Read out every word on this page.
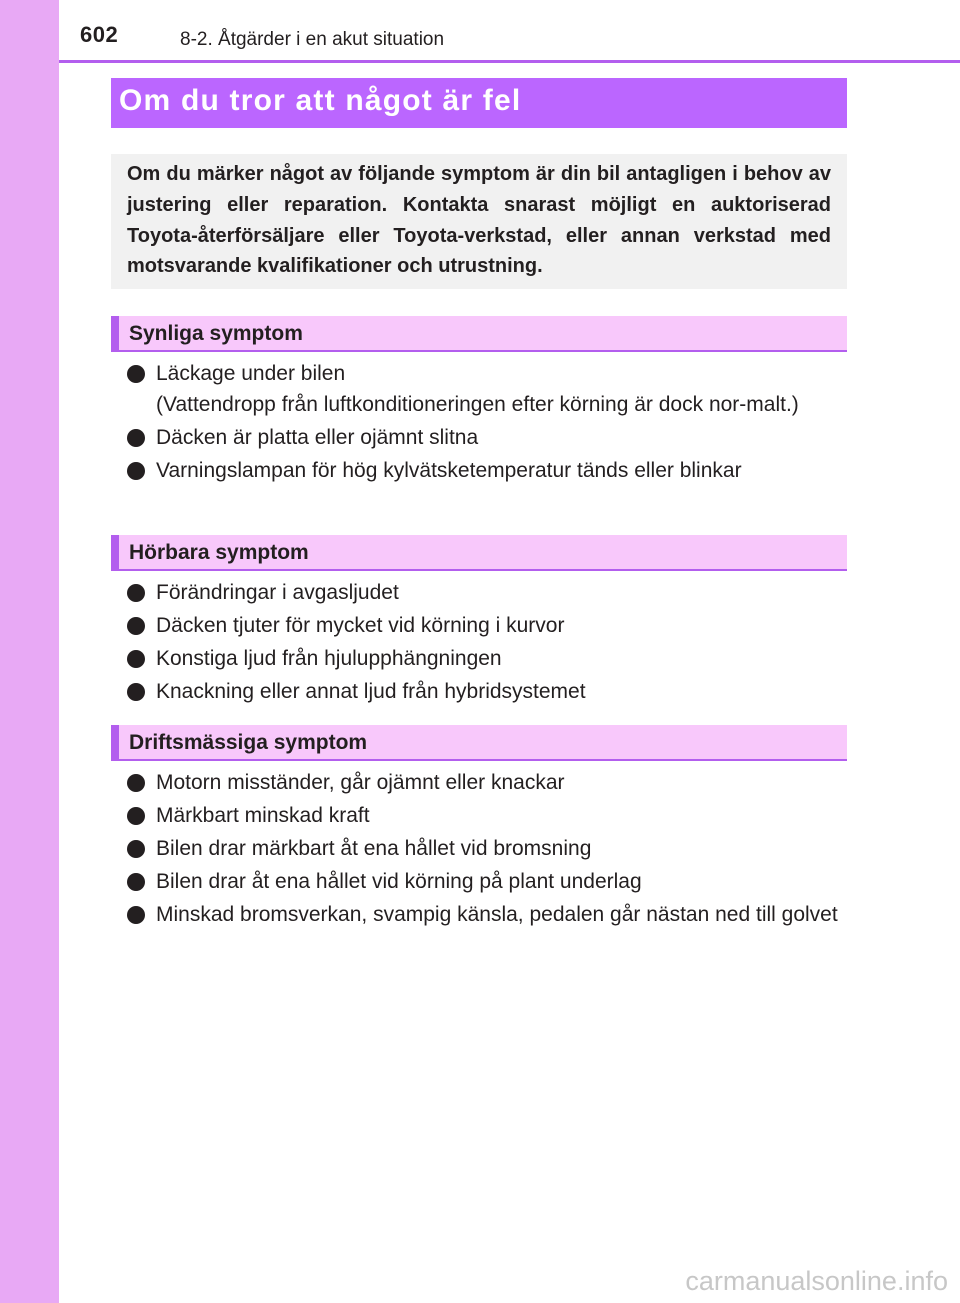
602	8-2. Åtgärder i en akut situation
Om du tror att något är fel
Om du märker något av följande symptom är din bil antagligen i behov av justering eller reparation. Kontakta snarast möjligt en auktoriserad Toyota-återförsäljare eller Toyota-verkstad, eller annan verkstad med motsvarande kvalifikationer och utrustning.
Synliga symptom
Läckage under bilen
(Vattendropp från luftkonditioneringen efter körning är dock nor-malt.)
Däcken är platta eller ojämnt slitna
Varningslampan för hög kylvätsketemperatur tänds eller blinkar
Hörbara symptom
Förändringar i avgasljudet
Däcken tjuter för mycket vid körning i kurvor
Konstiga ljud från hjulupphängningen
Knackning eller annat ljud från hybridsystemet
Driftsmässiga symptom
Motorn misständer, går ojämnt eller knackar
Märkbart minskad kraft
Bilen drar märkbart åt ena hållet vid bromsning
Bilen drar åt ena hållet vid körning på plant underlag
Minskad bromsverkan, svampig känsla, pedalen går nästan ned till golvet
carmanualsonline.info
